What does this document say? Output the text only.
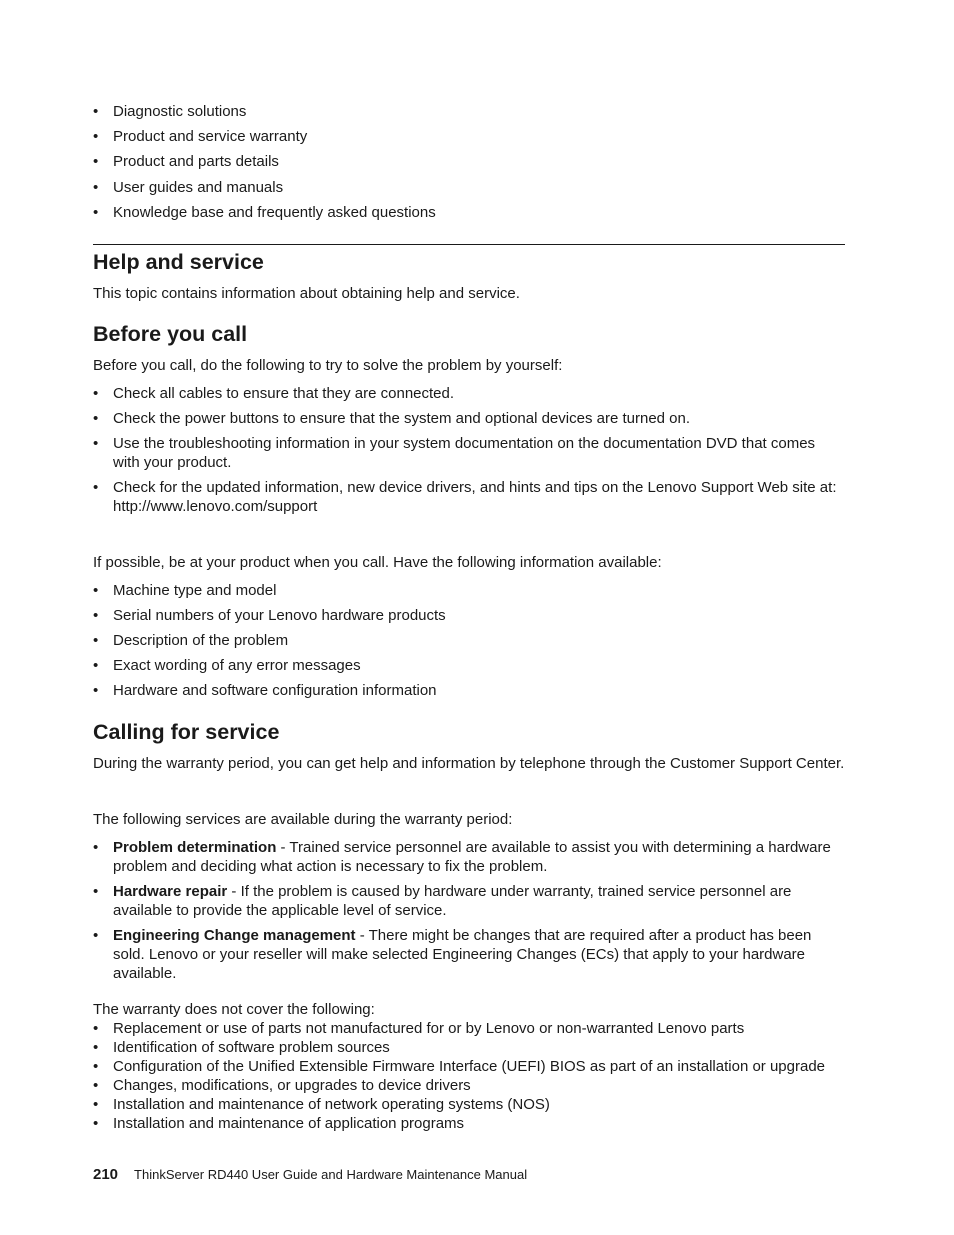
• Diagnostic solutions
• Product and service warranty
• Product and parts details
• User guides and manuals
• Knowledge base and frequently asked questions
Help and service

This topic contains information about obtaining help and service.

Before you call

Before you call, do the following to try to solve the problem by yourself:

• Check all cables to ensure that they are connected.
• Check the power buttons to ensure that the system and optional devices are turned on.
• Use the troubleshooting information in your system documentation on the documentation DVD that comes with your product.
• Check for the updated information, new device drivers, and hints and tips on the Lenovo Support Web site at:
http://www.lenovo.com/support

If possible, be at your product when you call. Have the following information available:

• Machine type and model
• Serial numbers of your Lenovo hardware products
• Description of the problem
• Exact wording of any error messages
• Hardware and software configuration information
Calling for service

During the warranty period, you can get help and information by telephone through the Customer Support Center.

The following services are available during the warranty period:

• Problem determination - Trained service personnel are available to assist you with determining a hardware problem and deciding what action is necessary to fix the problem.
• Hardware repair - If the problem is caused by hardware under warranty, trained service personnel are available to provide the applicable level of service.
• Engineering Change management - There might be changes that are required after a product has been sold. Lenovo or your reseller will make selected Engineering Changes (ECs) that apply to your hardware available.

The warranty does not cover the following:

• Replacement or use of parts not manufactured for or by Lenovo or non-warranted Lenovo parts
• Identification of software problem sources
• Configuration of the Unified Extensible Firmware Interface (UEFI) BIOS as part of an installation or upgrade
• Changes, modifications, or upgrades to device drivers
• Installation and maintenance of network operating systems (NOS)
• Installation and maintenance of application programs
210 ThinkServer RD440 User Guide and Hardware Maintenance Manual
